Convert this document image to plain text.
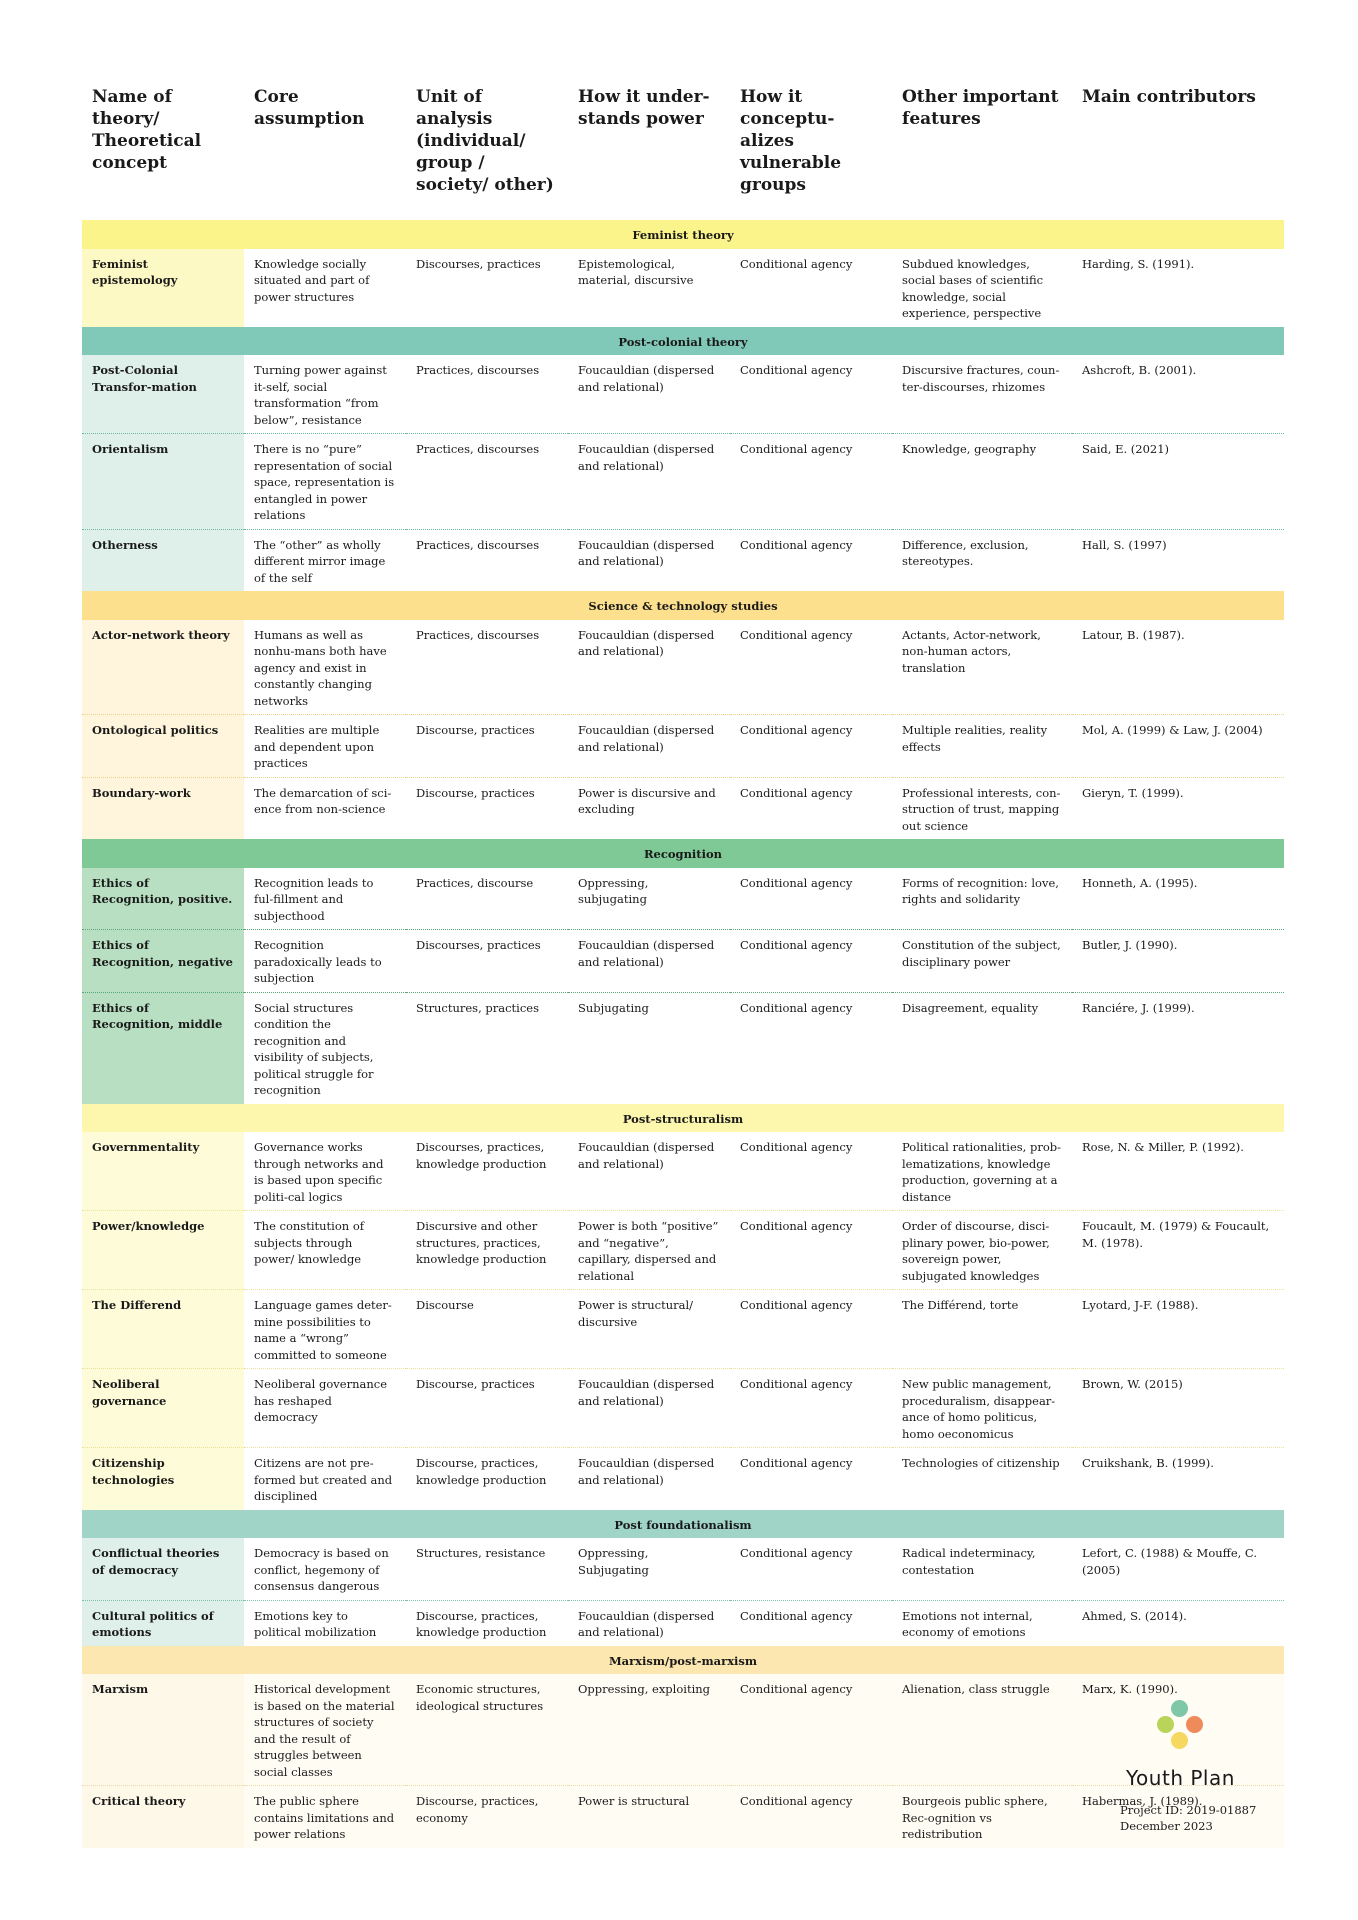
Name of theory/ Theoretical concept	Core assumption	Unit of analysis (individual/ group / society/ other)	How it under-stands power	How it conceptu-alizes vulnerable groups	Other important features	Main contributors
Feminist theory						
Feminist epistemology	Knowledge socially situated and part of power structures	Discourses, practices	Epistemological, material, discursive	Conditional agency	Subdued knowledges, social bases of scientific knowledge, social experience, perspective	Harding, S. (1991).
Post-colonial theory						
Post-Colonial Transfor-mation	Turning power against it-self, social transformation “from below”, resistance	Practices, discourses	Foucauldian (dispersed and relational)	Conditional agency	Discursive fractures, coun-ter-discourses, rhizomes	Ashcroft, B. (2001).
Orientalism	There is no “pure” representation of social space, representation is entangled in power relations	Practices, discourses	Foucauldian (dispersed and relational)	Conditional agency	Knowledge, geography	Said, E. (2021)
Otherness	The “other” as wholly different mirror image of the self	Practices, discourses	Foucauldian (dispersed and relational)	Conditional agency	Difference, exclusion, stereotypes.	Hall, S. (1997)
Science & technology studies						
Actor-network theory	Humans as well as nonhu-mans both have agency and exist in constantly changing networks	Practices, discourses	Foucauldian (dispersed and relational)	Conditional agency	Actants, Actor-network, non-human actors, translation	Latour, B. (1987).
Ontological politics	Realities are multiple and dependent upon practices	Discourse, practices	Foucauldian (dispersed and relational)	Conditional agency	Multiple realities, reality effects	Mol, A. (1999) & Law, J. (2004)
Boundary-work	The demarcation of sci-ence from non-science	Discourse, practices	Power is discursive and excluding	Conditional agency	Professional interests, con-struction of trust, mapping out science	Gieryn, T. (1999).
Recognition						
Ethics of Recognition, positive.	Recognition leads to ful-fillment and subjecthood	Practices, discourse	Oppressing, subjugating	Conditional agency	Forms of recognition: love, rights and solidarity	Honneth, A. (1995).
Ethics of Recognition, negative	Recognition paradoxically leads to subjection	Discourses, practices	Foucauldian (dispersed and relational)	Conditional agency	Constitution of the subject, disciplinary power	Butler, J. (1990).
Ethics of Recognition, middle	Social structures condition the recognition and visibility of subjects, political struggle for recognition	Structures, practices	Subjugating	Conditional agency	Disagreement, equality	Ranciére, J. (1999).
Post-structuralism						
Governmentality	Governance works through networks and is based upon specific politi-cal logics	Discourses, practices, knowledge production	Foucauldian (dispersed and relational)	Conditional agency	Political rationalities, prob-lematizations, knowledge production, governing at a distance	Rose, N. & Miller, P. (1992).
Power/knowledge	The constitution of subjects through power/ knowledge	Discursive and other structures, practices, knowledge production	Power is both “positive” and “negative”, capillary, dispersed and relational	Conditional agency	Order of discourse, disci-plinary power, bio-power, sovereign power, subjugated knowledges	Foucault, M. (1979) & Foucault, M. (1978).
The Differend	Language games deter-mine possibilities to name a “wrong” committed to someone	Discourse	Power is structural/ discursive	Conditional agency	The Différend, torte	Lyotard, J-F. (1988).
Neoliberal governance	Neoliberal governance has reshaped democracy	Discourse, practices	Foucauldian (dispersed and relational)	Conditional agency	New public management, proceduralism, disappear-ance of homo politicus, homo oeconomicus	Brown, W. (2015)
Citizenship technologies	Citizens are not pre-formed but created and disciplined	Discourse, practices, knowledge production	Foucauldian (dispersed and relational)	Conditional agency	Technologies of citizenship	Cruikshank, B. (1999).
Post foundationalism						
Conflictual theories of democracy	Democracy is based on conflict, hegemony of consensus dangerous	Structures, resistance	Oppressing, Subjugating	Conditional agency	Radical indeterminacy, contestation	Lefort, C. (1988) & Mouffe, C. (2005)
Cultural politics of emotions	Emotions key to political mobilization	Discourse, practices, knowledge production	Foucauldian (dispersed and relational)	Conditional agency	Emotions not internal, economy of emotions	Ahmed, S. (2014).
Marxism/post-marxism						
Marxism	Historical development is based on the material structures of society and the result of struggles between social classes	Economic structures, ideological structures	Oppressing, exploiting	Conditional agency	Alienation, class struggle	Marx, K. (1990).
Critical theory	The public sphere contains limitations and power relations	Discourse, practices, economy	Power is structural	Conditional agency	Bourgeois public sphere, Rec-ognition vs redistribution	Habermas, J. (1989).
Youth Plan
Project ID: 2019-01887
December 2023
